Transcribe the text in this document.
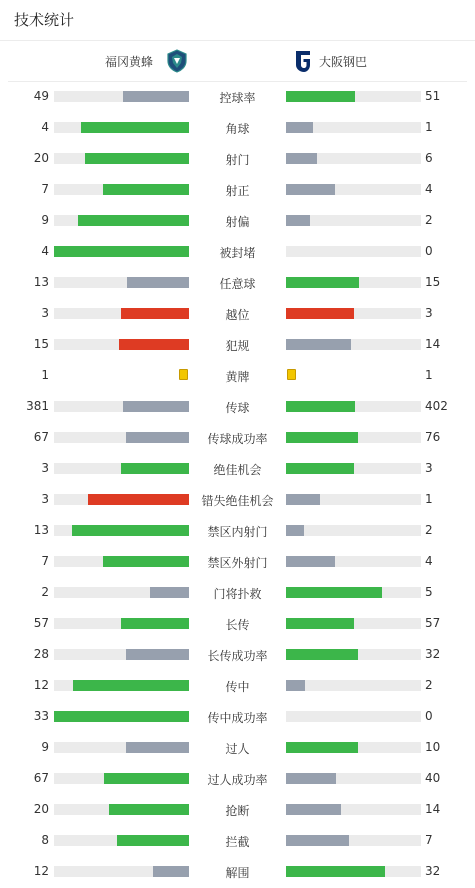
技术统计
福冈黄蜂	大阪钢巴
49	控球率	51
4	角球	1
20	射门	6
7	射正	4
9	射偏	2
4	被封堵	0
13	任意球	15
3	越位	3
15	犯规	14
1	黄牌	1
381	传球	402
67	传球成功率	76
3	绝佳机会	3
3	错失绝佳机会	1
13	禁区内射门	2
7	禁区外射门	4
2	门将扑救	5
57	长传	57
28	长传成功率	32
12	传中	2
33	传中成功率	0
9	过人	10
67	过人成功率	40
20	抢断	14
8	拦截	7
12	解围	32
